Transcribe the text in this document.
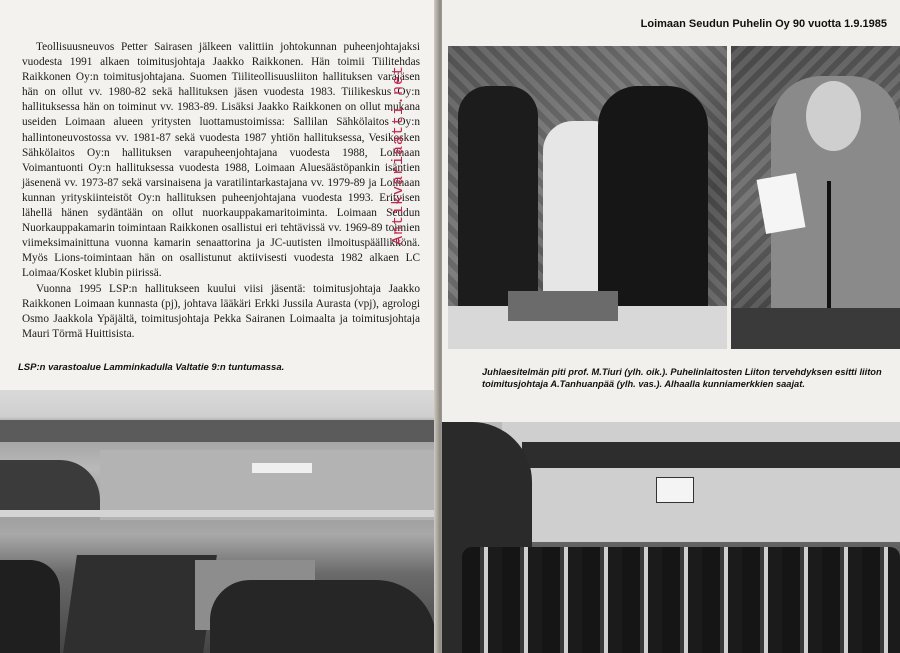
Teollisuusneuvos Petter Sairasen jälkeen valittiin johtokunnan puheenjohtajaksi vuodesta 1991 alkaen toimitusjohtaja Jaakko Raikkonen. Hän toimii Tiilitehdas Raikkonen Oy:n toimitusjohtajana. Suomen Tiiliteollisuusliiton hallituksen varajäsen hän on ollut vv. 1980-82 sekä hallituksen jäsen vuodesta 1983. Tiilikeskus Oy:n hallituksessa hän on toiminut vv. 1983-89. Lisäksi Jaakko Raikkonen on ollut mukana useiden Loimaan alueen yritysten luottamustoimissa: Sallilan Sähkölaitos Oy:n hallintoneuvostossa vv. 1981-87 sekä vuodesta 1987 yhtiön hallituksessa, Vesikosken Sähkölaitos Oy:n hallituksen varapuheenjohtajana vuodesta 1988, Loimaan Voimantuonti Oy:n hallituksessa vuodesta 1988, Loimaan Aluesäästöpankin isäntien jäsenenä vv. 1973-87 sekä varsinaisena ja varatilintarkastajana vv. 1979-89 ja Loimaan kunnan yrityskiinteistöt Oy:n hallituksen puheenjohtajana vuodesta 1993. Erityisen lähellä hänen sydäntään on ollut nuorkauppakamaritoiminta. Loimaan Seudun Nuorkauppakamarin toimintaan Raikkonen osallistui eri tehtävissä vv. 1969-89 toimien viimeksimainittuna vuonna kamarin senaattorina ja JC-uutisten ilmoituspäällikkönä. Myös Lions-toimintaan hän on osallistunut aktiivisesti vuodesta 1982 alkaen LC Loimaa/Kosket klubin piirissä.

Vuonna 1995 LSP:n hallitukseen kuului viisi jäsentä: toimitusjohtaja Jaakko Raikkonen Loimaan kunnasta (pj), johtava lääkäri Erkki Jussila Aurasta (vpj), agrologi Osmo Jaakkola Ypäjältä, toimitusjohtaja Pekka Sairanen Loimaalta ja toimitusjohtaja Mauri Törmä Huittisista.

LSP:n varastoalue Lamminkadulla Valtatie 9:n tuntumassa.
Loimaan Seudun Puhelin Oy 90 vuotta 1.9.1985
Juhlaesitelmän piti prof. M.Tiuri (ylh. oik.). Puhelinlaitosten Liiton tervehdyksen esitti liiton toimitusjohtaja A.Tanhuanpää (ylh. vas.). Alhaalla kunniamerkkien saajat.
Antikvariaatti.net
